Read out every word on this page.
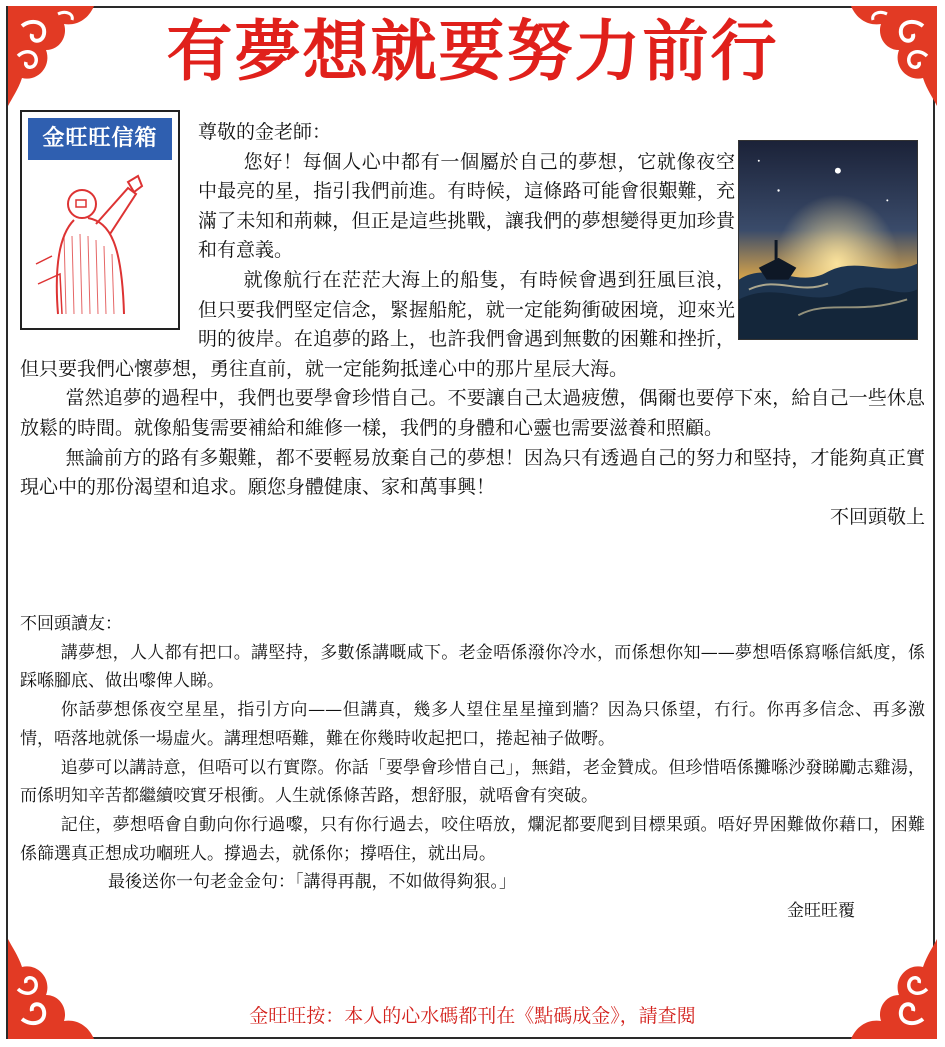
有夢想就要努力前行
金旺旺信箱	尊敬的金老師：

您好！每個人心中都有一個屬於自己的夢想，它就像夜空中最亮的星，指引我們前進。有時候，這條路可能會很艱難，充滿了未知和荊棘，但正是這些挑戰，讓我們的夢想變得更加珍貴和有意義。

就像航行在茫茫大海上的船隻，有時候會遇到狂風巨浪，但只要我們堅定信念，緊握船舵，就一定能夠衝破困境，迎來光明的彼岸。在追夢的路上，也許我們會遇到無數的困難和挫折，但只要我們心懷夢想，勇往直前，就一定能夠抵達心中的那片星辰大海。

當然追夢的過程中，我們也要學會珍惜自己。不要讓自己太過疲憊，偶爾也要停下來，給自己一些休息放鬆的時間。就像船隻需要補給和維修一樣，我們的身體和心靈也需要滋養和照顧。

無論前方的路有多艱難，都不要輕易放棄自己的夢想！因為只有透過自己的努力和堅持，才能夠真正實現心中的那份渴望和追求。願您身體健康、家和萬事興！

不回頭敬上

不回頭讀友：

講夢想，人人都有把口。講堅持，多數係講嘅咸下。老金唔係潑你冷水，而係想你知——夢想唔係寫喺信紙度，係踩喺腳底、做出嚟俾人睇。

你話夢想係夜空星星，指引方向——但講真，幾多人望住星星撞到牆？因為只係望，冇行。你再多信念、再多激情，唔落地就係一場虛火。講理想唔難，難在你幾時收起把口，捲起袖子做嘢。

追夢可以講詩意，但唔可以冇實際。你話「要學會珍惜自己」，無錯，老金贊成。但珍惜唔係攤喺沙發睇勵志雞湯，而係明知辛苦都繼續咬實牙根衝。人生就係條苦路，想舒服，就唔會有突破。

記住，夢想唔會自動向你行過嚟，只有你行過去，咬住唔放，爛泥都要爬到目標果頭。唔好畀困難做你藉口，困難係篩選真正想成功嗰班人。撐過去，就係你；撐唔住，就出局。

最後送你一句老金金句：「講得再靚，不如做得夠狠。」

金旺旺覆

金旺旺按：本人的心水碼都刊在《點碼成金》，請查閱
